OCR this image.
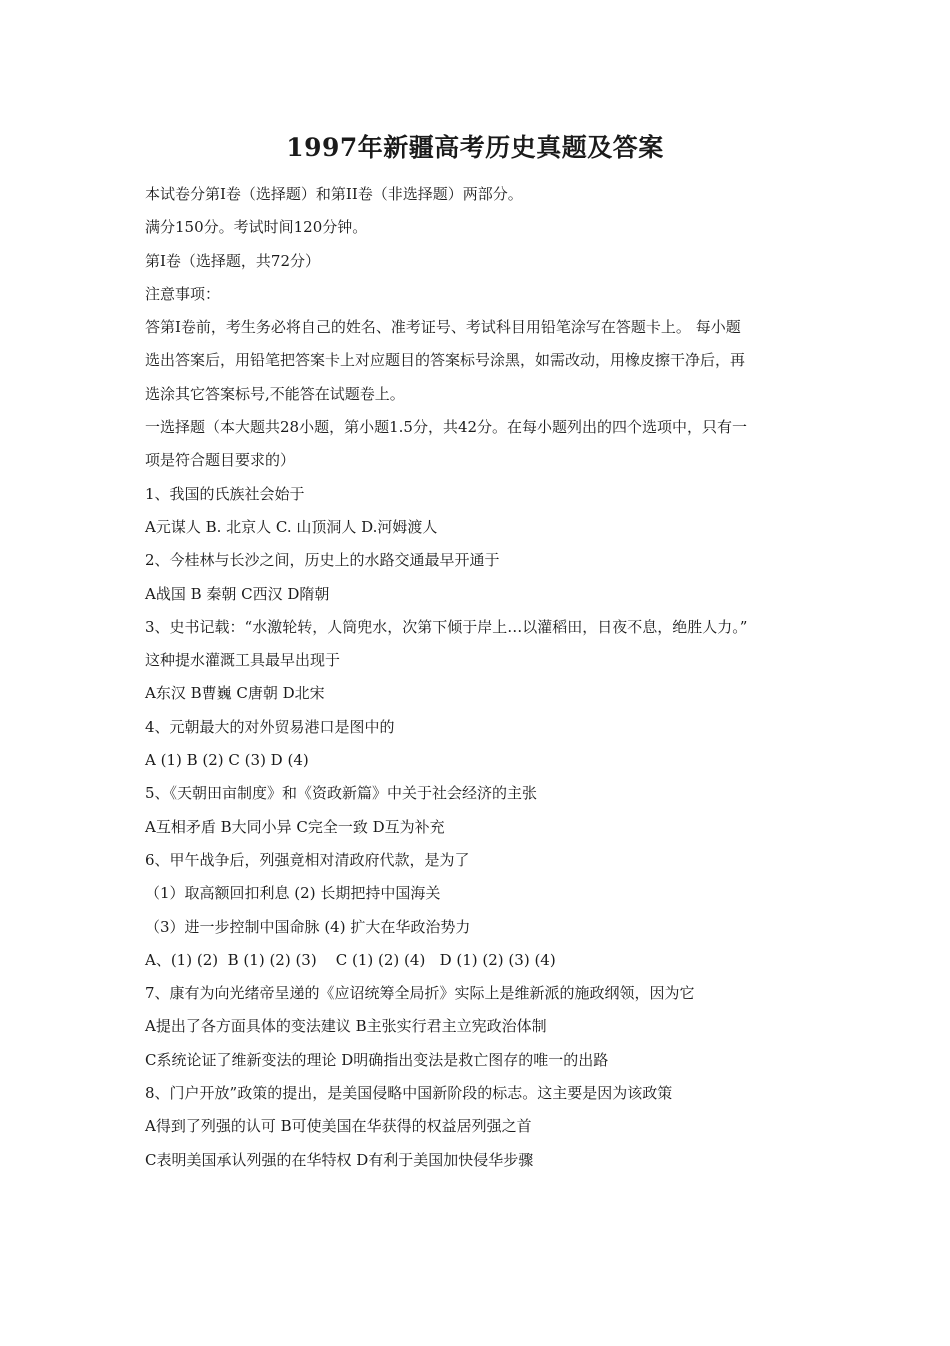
1997年新疆高考历史真题及答案

本试卷分第Ⅰ卷（选择题）和第II卷（非选择题）两部分。

满分150分。考试时间120分钟。

第Ⅰ卷（选择题，共72分）

注意事项：

答第Ⅰ卷前，考生务必将自己的姓名、准考证号、考试科目用铅笔涂写在答题卡上。 每小题

选出答案后，用铅笔把答案卡上对应题目的答案标号涂黑，如需改动，用橡皮擦干净后，再

选涂其它答案标号,不能答在试题卷上。

一选择题（本大题共28小题，第小题1.5分，共42分。在每小题列出的四个选项中，只有一

项是符合题目要求的）

1、我国的氏族社会始于

A元谋人 B. 北京人 C. 山顶洞人 D.河姆渡人

2、今桂林与长沙之间，历史上的水路交通最早开通于

A战国 B 秦朝 C西汉 D隋朝

3、史书记载：“水激轮转，人筒兜水，次第下倾于岸上…以灌稻田，日夜不息，绝胜人力。”

这种提水灌溉工具最早出现于

A东汉 B曹巍 C唐朝 D北宋

4、元朝最大的对外贸易港口是图中的

A (1) B (2) C (3) D (4)

5、《天朝田亩制度》和《资政新篇》中关于社会经济的主张

A互相矛盾 B大同小异 C完全一致 D互为补充

6、甲午战争后，列强竟相对清政府代款，是为了

（1）取高额回扣利息 (2) 长期把持中国海关

（3）进一步控制中国命脉 (4) 扩大在华政治势力

A、(1) (2)  B (1) (2) (3)    C (1) (2) (4)   D (1) (2) (3) (4)

7、康有为向光绪帝呈递的《应诏统筹全局折》实际上是维新派的施政纲领，因为它

A提出了各方面具体的变法建议 B主张实行君主立宪政治体制

C系统论证了维新变法的理论 D明确指出变法是救亡图存的唯一的出路

8、门户开放”政策的提出，是美国侵略中国新阶段的标志。这主要是因为该政策

A得到了列强的认可 B可使美国在华获得的权益居列强之首

C表明美国承认列强的在华特权 D有利于美国加快侵华步骤
